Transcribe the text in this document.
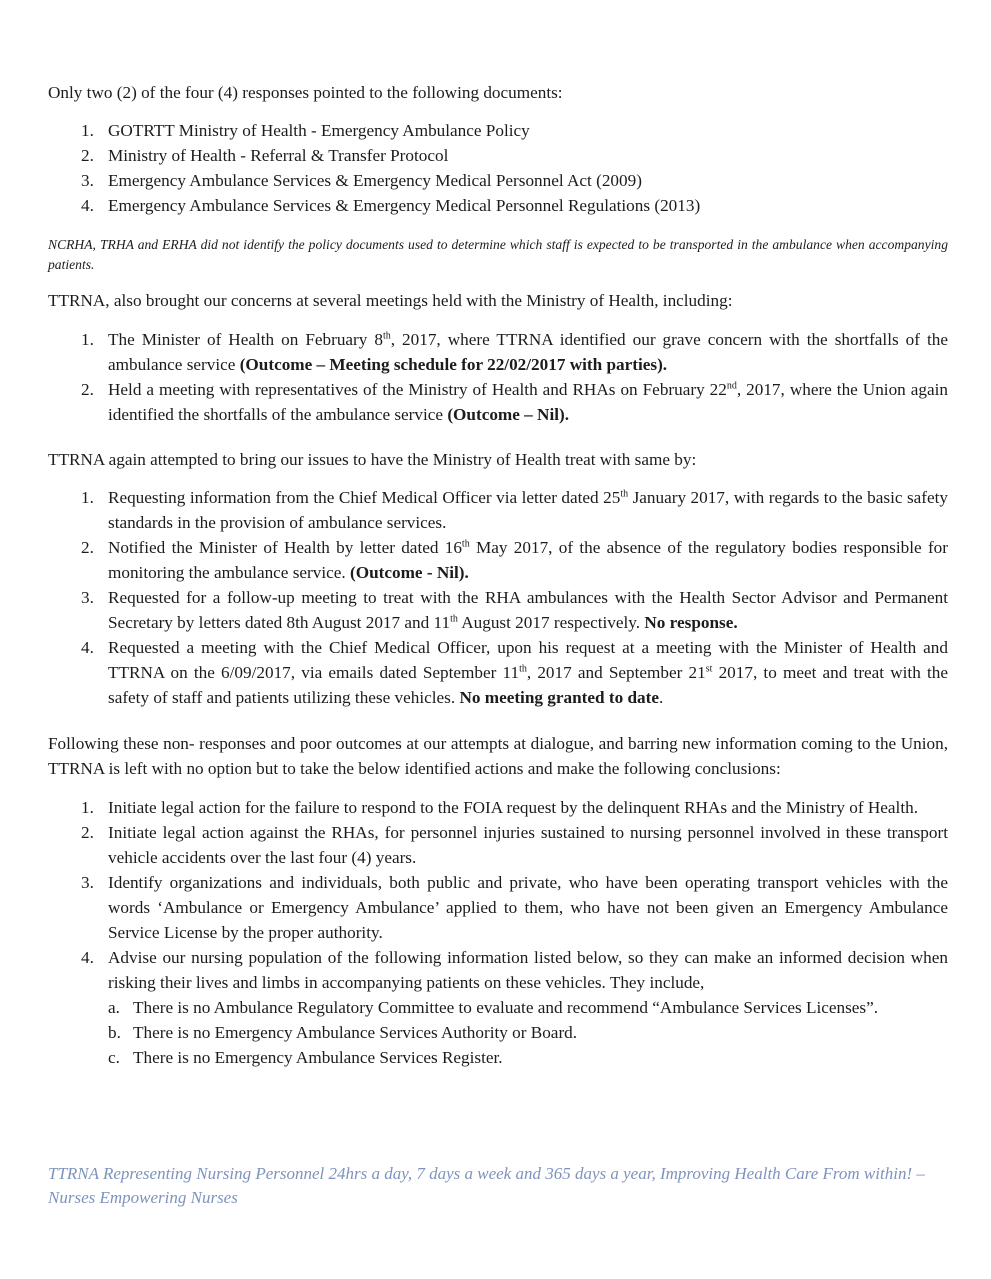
Only two (2) of the four (4) responses pointed to the following documents:

1. GOTRTT Ministry of Health - Emergency Ambulance Policy
2. Ministry of Health - Referral & Transfer Protocol
3. Emergency Ambulance Services & Emergency Medical Personnel Act (2009)
4. Emergency Ambulance Services & Emergency Medical Personnel Regulations (2013)

NCRHA, TRHA and ERHA did not identify the policy documents used to determine which staff is expected to be transported in the ambulance when accompanying patients.

TTRNA, also brought our concerns at several meetings held with the Ministry of Health, including:

1. The Minister of Health on February 8th, 2017, where TTRNA identified our grave concern with the shortfalls of the ambulance service (Outcome – Meeting schedule for 22/02/2017 with parties).
2. Held a meeting with representatives of the Ministry of Health and RHAs on February 22nd, 2017, where the Union again identified the shortfalls of the ambulance service (Outcome – Nil).

TTRNA again attempted to bring our issues to have the Ministry of Health treat with same by:

1. Requesting information from the Chief Medical Officer via letter dated 25th January 2017, with regards to the basic safety standards in the provision of ambulance services.
2. Notified the Minister of Health by letter dated 16th May 2017, of the absence of the regulatory bodies responsible for monitoring the ambulance service. (Outcome - Nil).
3. Requested for a follow-up meeting to treat with the RHA ambulances with the Health Sector Advisor and Permanent Secretary by letters dated 8th August 2017 and 11th August 2017 respectively. No response.
4. Requested a meeting with the Chief Medical Officer, upon his request at a meeting with the Minister of Health and TTRNA on the 6/09/2017, via emails dated September 11th, 2017 and September 21st 2017, to meet and treat with the safety of staff and patients utilizing these vehicles. No meeting granted to date.

Following these non- responses and poor outcomes at our attempts at dialogue, and barring new information coming to the Union, TTRNA is left with no option but to take the below identified actions and make the following conclusions:

1. Initiate legal action for the failure to respond to the FOIA request by the delinquent RHAs and the Ministry of Health.
2. Initiate legal action against the RHAs, for personnel injuries sustained to nursing personnel involved in these transport vehicle accidents over the last four (4) years.
3. Identify organizations and individuals, both public and private, who have been operating transport vehicles with the words ‘Ambulance or Emergency Ambulance’ applied to them, who have not been given an Emergency Ambulance Service License by the proper authority.
4. Advise our nursing population of the following information listed below, so they can make an informed decision when risking their lives and limbs in accompanying patients on these vehicles. They include,
a. There is no Ambulance Regulatory Committee to evaluate and recommend “Ambulance Services Licenses”.
b. There is no Emergency Ambulance Services Authority or Board.
c. There is no Emergency Ambulance Services Register.
TTRNA Representing Nursing Personnel 24hrs a day, 7 days a week and 365 days a year, Improving Health Care From within! – Nurses Empowering Nurses
